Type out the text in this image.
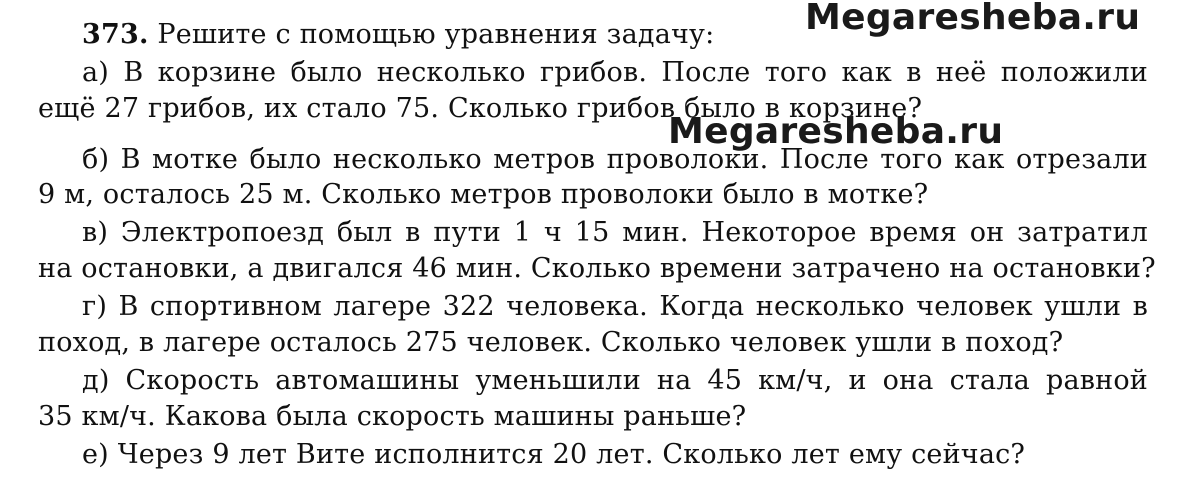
373. Решите с помощью уравнения задачу:
а) В корзине было несколько грибов. После того как в неё положили
ещё 27 грибов, их стало 75. Сколько грибов было в корзине?
б) В мотке было несколько метров проволоки. После того как отрезали
9 м, осталось 25 м. Сколько метров проволоки было в мотке?
в) Электропоезд был в пути 1 ч 15 мин. Некоторое время он затратил
на остановки, а двигался 46 мин. Сколько времени затрачено на остановки?
г) В спортивном лагере 322 человека. Когда несколько человек ушли в
поход, в лагере осталось 275 человек. Сколько человек ушли в поход?
д) Скорость автомашины уменьшили на 45 км/ч, и она стала равной
35 км/ч. Какова была скорость машины раньше?
е) Через 9 лет Вите исполнится 20 лет. Сколько лет ему сейчас?
Megaresheba.ru
Megaresheba.ru
